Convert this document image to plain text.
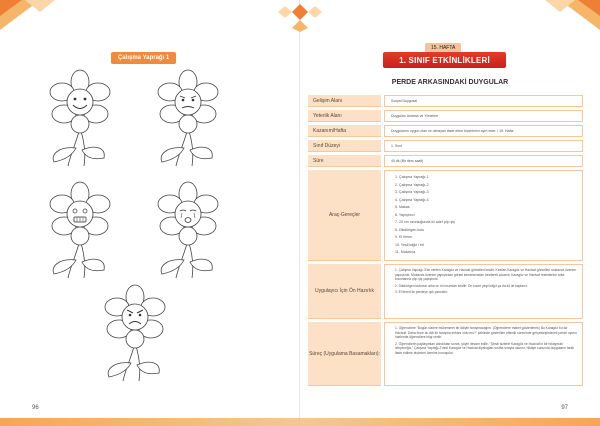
Çalışma Yaprağı 1
96
15. HAFTA
1. SINIF ETKİNLİKLERİ
PERDE ARKASINDAKİ DUYGULAR
Gelişim Alanı	Sosyal Duygusal
Yeterlik Alanı	Duyguları Anlama ve Yönetme
Kazanım/Hafta	Duygularını uygun olan ve olmayan ifade etme biçimlerini ayırt eder. / 15. Hafta
Sınıf Düzeyi	1. Sınıf
Süre	40 dk (Bir ders saati)
Araç-Gereçler
1. Çalışma Yaprağı-1
2. Çalışma Yaprağı-2
3. Çalışma Yaprağı-3
4. Çalışma Yaprağı-4
5. Makas
6. Yapıştırıcı
7. 20 cm uzunluğunda iki adet çöp şiş
8. Dikdörtgen kutu
9. El fenerı
10. Yeşil kâğıt / tül
11. Mukavva
Uygulayıcı İçin Ön Hazırlık
1. Çalışma Yaprağı-3'de verilen Karagöz ve Hacivat görselleri kesilir. Kesilen Karagöz ve Hacivat görselleri mukavva üzerine yapıştırılır. Mukavva üzerine yapıştırılan görsel kenarlarından kesilerek çıkarılır. Karagöz ve Hacivat resimlerine arka kısımlarına çöp şiş yapıştırılır.
2. Dikdörtgen kutunun arka ve ön kısımları kesilir. Ön kısım yeşil kâğıt ya da tül ile kaplanır.
3. El feneri ile perdeye ışık yansıtılır.
Süreç (Uygulama Basamakları):
1. Öğrencilere "Bugün sizlere mükemmel bir ikiliyle tanıştıracağım. (Öğrencilere maket gösterilerek) Bu Karagöz bu da Hacivat. Daha önce bu ikili ile tanışma imkânı oldu mu?" şeklinde gösterilen etkinlik sürecinde gerçekleştirilecek perde oyunu hakkında öğrencilere bilgi verilir.
2. Öğrencilerin paylaşımları alındıktan sonra, şöyle devam edilir: "Şimdi sizlerle Karagöz ve Hacivat'ın bir hikâyesini izleyeceğiz." Çalışma Yaprağı-2'deki Karagöz ve Hacivat diyalogları sınıfta sırayla okunur, hikâye sonunda duyguların farklı ifade edilme biçimleri üzerine konuşulur.
97
